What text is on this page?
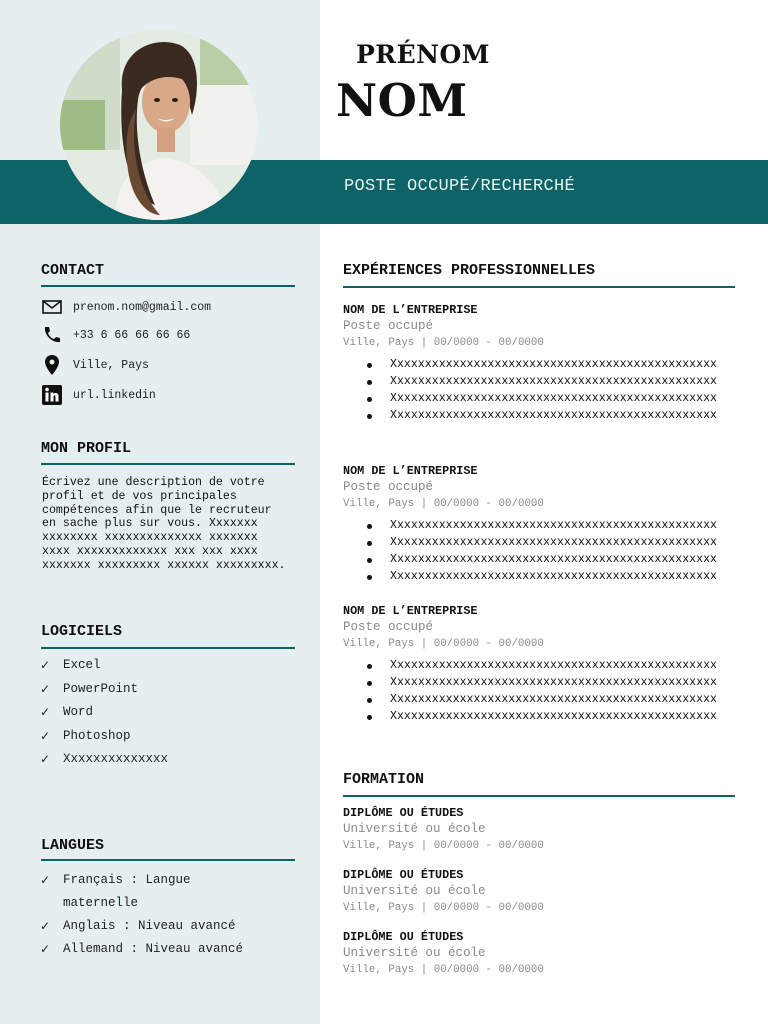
POSTE OCCUPÉ/RECHERCHÉ
PRÉNOM
NOM
CONTACT
prenom.nom@gmail.com
+33 6 66 66 66 66
Ville, Pays
url.linkedin
MON PROFIL
Écrivez une description de votre profil et de vos principales compétences afin que le recruteur en sache plus sur vous. Xxxxxxx xxxxxxxx xxxxxxxxxxxxxx xxxxxxx xxxx xxxxxxxxxxxxx xxx xxx xxxx xxxxxxx xxxxxxxxx xxxxxx xxxxxxxxx.
LOGICIELS
✓	Excel
✓	PowerPoint
✓	Word
✓	Photoshop
✓	Xxxxxxxxxxxxxx
LANGUES
✓	Français : Langue maternelle
✓	Anglais : Niveau avancé
✓	Allemand : Niveau avancé
EXPÉRIENCES PROFESSIONNELLES
NOM DE L’ENTREPRISE
Poste occupé
Ville, Pays | 00/0000 - 00/0000
Xxxxxxxxxxxxxxxxxxxxxxxxxxxxxxxxxxxxxxxxxxxxxxx
Xxxxxxxxxxxxxxxxxxxxxxxxxxxxxxxxxxxxxxxxxxxxxxx
Xxxxxxxxxxxxxxxxxxxxxxxxxxxxxxxxxxxxxxxxxxxxxxx
Xxxxxxxxxxxxxxxxxxxxxxxxxxxxxxxxxxxxxxxxxxxxxxx
NOM DE L’ENTREPRISE
Poste occupé
Ville, Pays | 00/0000 - 00/0000
Xxxxxxxxxxxxxxxxxxxxxxxxxxxxxxxxxxxxxxxxxxxxxxx
Xxxxxxxxxxxxxxxxxxxxxxxxxxxxxxxxxxxxxxxxxxxxxxx
Xxxxxxxxxxxxxxxxxxxxxxxxxxxxxxxxxxxxxxxxxxxxxxx
Xxxxxxxxxxxxxxxxxxxxxxxxxxxxxxxxxxxxxxxxxxxxxxx
NOM DE L’ENTREPRISE
Poste occupé
Ville, Pays | 00/0000 - 00/0000
Xxxxxxxxxxxxxxxxxxxxxxxxxxxxxxxxxxxxxxxxxxxxxxx
Xxxxxxxxxxxxxxxxxxxxxxxxxxxxxxxxxxxxxxxxxxxxxxx
Xxxxxxxxxxxxxxxxxxxxxxxxxxxxxxxxxxxxxxxxxxxxxxx
Xxxxxxxxxxxxxxxxxxxxxxxxxxxxxxxxxxxxxxxxxxxxxxx
FORMATION
DIPLÔME OU ÉTUDES
Université ou école
Ville, Pays | 00/0000 - 00/0000
DIPLÔME OU ÉTUDES
Université ou école
Ville, Pays | 00/0000 - 00/0000
DIPLÔME OU ÉTUDES
Université ou école
Ville, Pays | 00/0000 - 00/0000
